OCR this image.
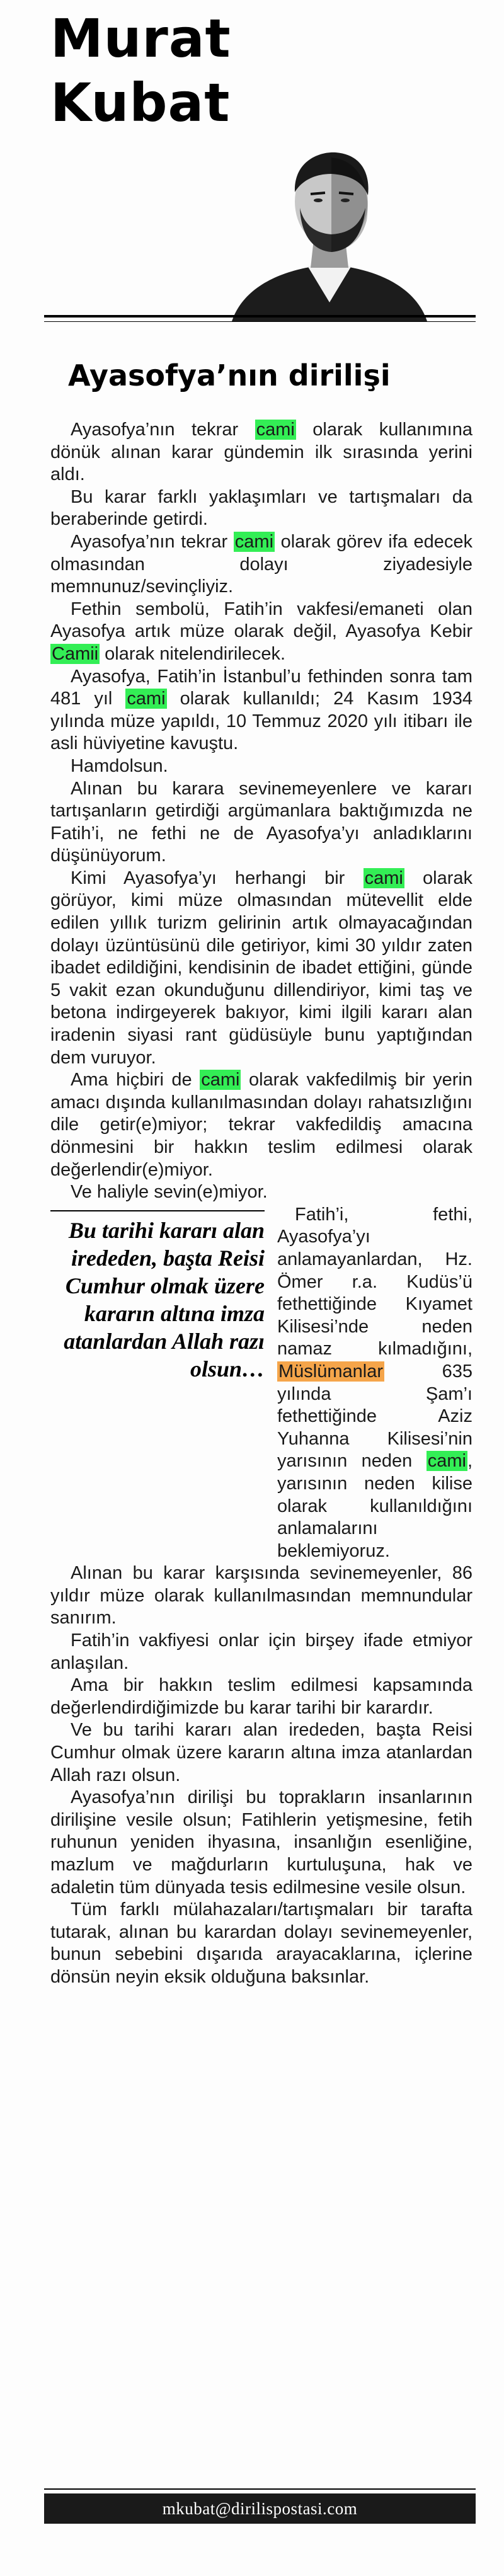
Murat
Kubat
Ayasofya’nın dirilişi

Ayasofya’nın tekrar cami olarak kullanımına dönük alınan karar gündemin ilk sırasında yerini aldı.

Bu karar farklı yaklaşımları ve tartışmaları da beraberinde getirdi.

Ayasofya’nın tekrar cami olarak görev ifa edecek olmasından dolayı ziyadesiyle memnunuz/sevinçliyiz.

Fethin sembolü, Fatih’in vakfesi/emaneti olan Ayasofya artık müze olarak değil, Ayasofya Kebir Camii olarak nitelendirilecek.

Ayasofya, Fatih’in İstanbul’u fethinden sonra tam 481 yıl cami olarak kullanıldı; 24 Kasım 1934 yılında müze yapıldı, 10 Temmuz 2020 yılı itibarı ile asli hüviyetine kavuştu.

Hamdolsun.

Alınan bu karara sevinemeyenlere ve kararı tartışanların getirdiği argümanlara baktığımızda ne Fatih’i, ne fethi ne de Ayasofya’yı anladıklarını düşünüyorum.

Kimi Ayasofya’yı herhangi bir cami olarak görüyor, kimi müze olmasından mütevellit elde edilen yıllık turizm gelirinin artık olmayacağından dolayı üzüntüsünü dile getiriyor, kimi 30 yıldır zaten ibadet edildiğini, kendisinin de ibadet ettiğini, günde 5 vakit ezan okunduğunu dillendiriyor, kimi taş ve betona indirgeyerek bakıyor, kimi ilgili kararı alan iradenin siyasi rant güdüsüyle bunu yaptığından dem vuruyor.

Ama hiçbiri de cami olarak vakfedilmiş bir yerin amacı dışında kullanılmasından dolayı rahatsızlığını dile getir(e)miyor; tekrar vakfedildiş amacına dönmesini bir hakkın teslim edilmesi olarak değerlendir(e)miyor.

Ve haliyle sevin(e)miyor.

Bu tarihi kararı alan irededen, başta Reisi Cumhur olmak üzere kararın altına imza atanlardan Allah razı olsun…

Fatih’i, fethi, Ayasofya’yı anlamayanlardan, Hz. Ömer r.a. Kudüs’ü fethettiğinde Kıyamet Kilisesi’nde neden namaz kılmadığını, Müslümanlar 635 yılında Şam’ı fethettiğinde Aziz Yuhanna Kilisesi’nin yarısının neden cami, yarısının neden kilise olarak kullanıldığını anlamalarını beklemiyoruz.

Alınan bu karar karşısında sevinemeyenler, 86 yıldır müze olarak kullanılmasından memnundular sanırım.

Fatih’in vakfiyesi onlar için birşey ifade etmiyor anlaşılan.

Ama bir hakkın teslim edilmesi kapsamında değerlendirdiğimizde bu karar tarihi bir karardır.

Ve bu tarihi kararı alan irededen, başta Reisi Cumhur olmak üzere kararın altına imza atanlardan Allah razı olsun.

Ayasofya’nın dirilişi bu toprakların insanlarının dirilişine vesile olsun; Fatihlerin yetişmesine, fetih ruhunun yeniden ihyasına, insanlığın esenliğine, mazlum ve mağdurların kurtuluşuna, hak ve adaletin tüm dünyada tesis edilmesine vesile olsun.

Tüm farklı mülahazaları/tartışmaları bir tarafta tutarak, alınan bu karardan dolayı sevinemeyenler, bunun sebebini dışarıda arayacaklarına, içlerine dönsün neyin eksik olduğuna baksınlar.

mkubat@dirilispostasi.com
